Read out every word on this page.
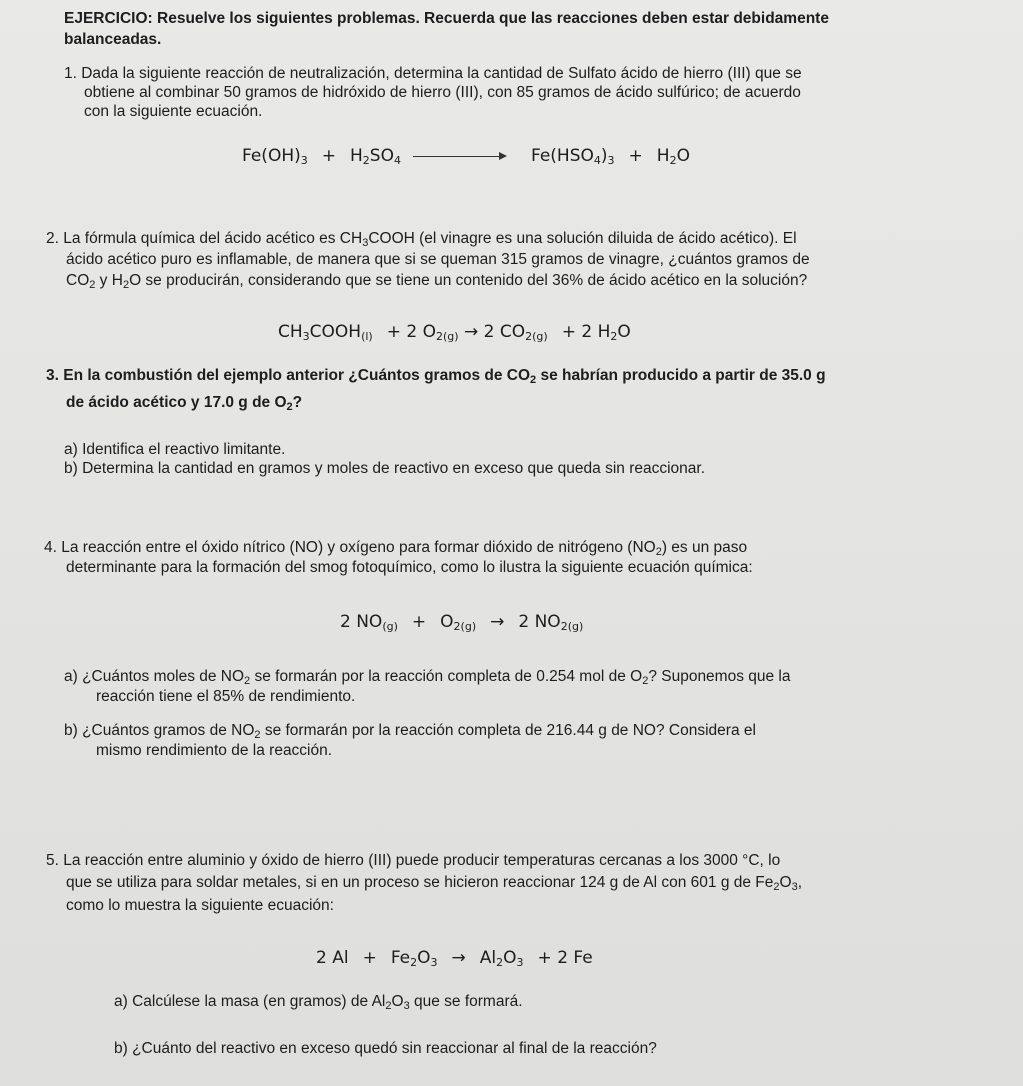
EJERCICIO: Resuelve los siguientes problemas. Recuerda que las reacciones deben estar debidamente
balanceadas.
1. Dada la siguiente reacción de neutralización, determina la cantidad de Sulfato ácido de hierro (III) que se
obtiene al combinar 50 gramos de hidróxido de hierro (III), con 85 gramos de ácido sulfúrico; de acuerdo
con la siguiente ecuación.
$Fe(OH)_3 + H_2SO_4$	$Fe(HSO_4)_3 + H_2O$
2. La fórmula química del ácido acético es $CH_3COOH$ (el vinagre es una solución diluida de ácido acético). El
ácido acético puro es inflamable, de manera que si se queman 315 gramos de vinagre, ¿cuántos gramos de
$CO_2$ y $H_2O$ se producirán, considerando que se tiene un contenido del 36% de ácido acético en la solución?
$CH_3COOH_{(l)} + 2$ $O_{2(g)} \to 2$ $CO_{2(g)} + 2$ $H_2O$
3. En la combustión del ejemplo anterior ¿Cuántos gramos de $CO_2$ se habrían producido a partir de 35.0 g
de ácido acético y 17.0 g de $O_2$?
a) Identifica el reactivo limitante.
b) Determina la cantidad en gramos y moles de reactivo en exceso que queda sin reaccionar.
4. La reacción entre el óxido nítrico (NO) y oxígeno para formar dióxido de nitrógeno $(NO_2)$ es un paso
determinante para la formación del smog fotoquímico, como lo ilustra la siguiente ecuación química:
2 $NO_{(g)} + O_{2(g)} \to 2$ $NO_{2(g)}$
a) ¿Cuántos moles de $NO_2$ se formarán por la reacción completa de 0.254 mol de $O_2$? Suponemos que la
reacción tiene el 85% de rendimiento.
b) ¿Cuántos gramos de $NO_2$ se formarán por la reacción completa de 216.44 g de NO? Considera el
mismo rendimiento de la reacción.
5. La reacción entre aluminio y óxido de hierro (III) puede producir temperaturas cercanas a los 3000 °C, lo
que se utiliza para soldar metales, si en un proceso se hicieron reaccionar 124 g de Al con 601 g de $Fe_2O_3$,
como lo muestra la siguiente ecuación:
2 $Al + Fe_2O_3 \to Al_2O_3 + 2$ Fe
a) Calcúlese la masa (en gramos) de $Al_2O_3$ que se formará.
b) ¿Cuánto del reactivo en exceso quedó sin reaccionar al final de la reacción?
